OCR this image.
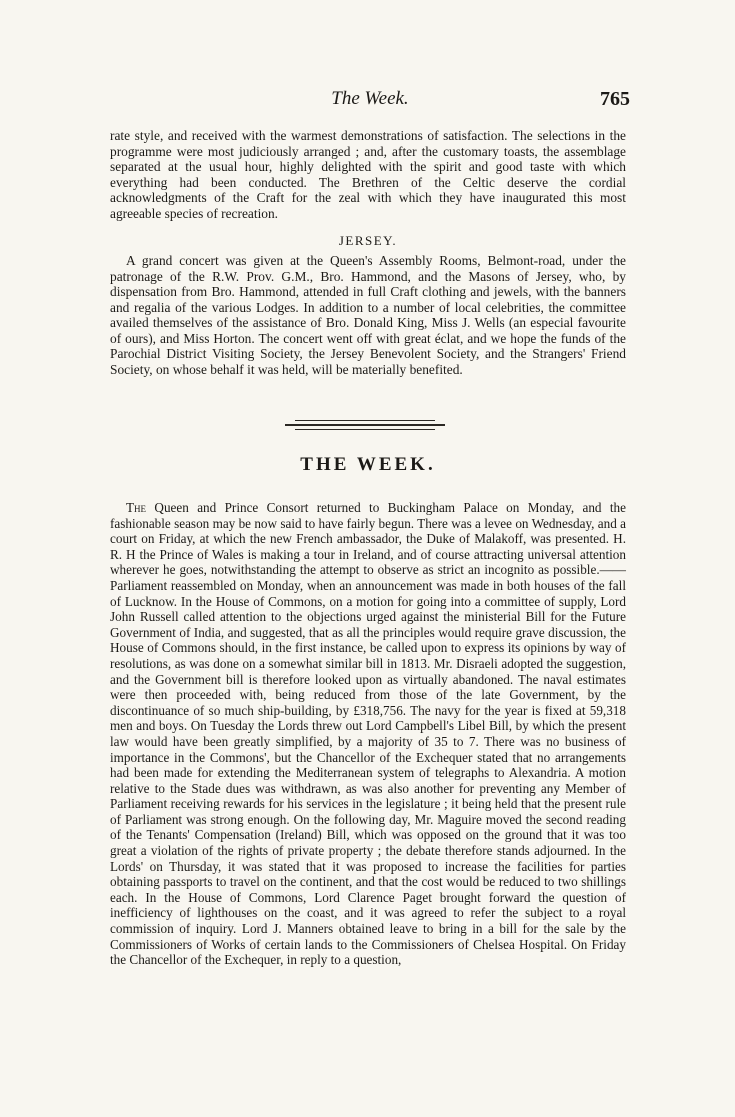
The Week.	765

rate style, and received with the warmest demonstrations of satisfaction. The selections in the programme were most judiciously arranged ; and, after the customary toasts, the assemblage separated at the usual hour, highly delighted with the spirit and good taste with which everything had been conducted. The Brethren of the Celtic deserve the cordial acknowledgments of the Craft for the zeal with which they have inaugurated this most agreeable species of recreation.

JERSEY.

A grand concert was given at the Queen's Assembly Rooms, Belmont-road, under the patronage of the R.W. Prov. G.M., Bro. Hammond, and the Masons of Jersey, who, by dispensation from Bro. Hammond, attended in full Craft clothing and jewels, with the banners and regalia of the various Lodges. In addition to a number of local celebrities, the committee availed themselves of the assistance of Bro. Donald King, Miss J. Wells (an especial favourite of ours), and Miss Horton. The concert went off with great éclat, and we hope the funds of the Parochial District Visiting Society, the Jersey Benevolent Society, and the Strangers' Friend Society, on whose behalf it was held, will be materially benefited.

THE WEEK.

The Queen and Prince Consort returned to Buckingham Palace on Monday, and the fashionable season may be now said to have fairly begun. There was a levee on Wednesday, and a court on Friday, at which the new French ambassador, the Duke of Malakoff, was presented. H. R. H the Prince of Wales is making a tour in Ireland, and of course attracting universal attention wherever he goes, notwithstanding the attempt to observe as strict an incognito as possible.——Parliament reassembled on Monday, when an announcement was made in both houses of the fall of Lucknow. In the House of Commons, on a motion for going into a committee of supply, Lord John Russell called attention to the objections urged against the ministerial Bill for the Future Government of India, and suggested, that as all the principles would require grave discussion, the House of Commons should, in the first instance, be called upon to express its opinions by way of resolutions, as was done on a somewhat similar bill in 1813. Mr. Disraeli adopted the suggestion, and the Government bill is therefore looked upon as virtually abandoned. The naval estimates were then proceeded with, being reduced from those of the late Government, by the discontinuance of so much ship-building, by £318,756. The navy for the year is fixed at 59,318 men and boys. On Tuesday the Lords threw out Lord Campbell's Libel Bill, by which the present law would have been greatly simplified, by a majority of 35 to 7. There was no business of importance in the Commons', but the Chancellor of the Exchequer stated that no arrangements had been made for extending the Mediterranean system of telegraphs to Alexandria. A motion relative to the Stade dues was withdrawn, as was also another for preventing any Member of Parliament receiving rewards for his services in the legislature ; it being held that the present rule of Parliament was strong enough. On the following day, Mr. Maguire moved the second reading of the Tenants' Compensation (Ireland) Bill, which was opposed on the ground that it was too great a violation of the rights of private property ; the debate therefore stands adjourned. In the Lords' on Thursday, it was stated that it was proposed to increase the facilities for parties obtaining passports to travel on the continent, and that the cost would be reduced to two shillings each. In the House of Commons, Lord Clarence Paget brought forward the question of inefficiency of lighthouses on the coast, and it was agreed to refer the subject to a royal commission of inquiry. Lord J. Manners obtained leave to bring in a bill for the sale by the Commissioners of Works of certain lands to the Commissioners of Chelsea Hospital. On Friday the Chancellor of the Exchequer, in reply to a question,
